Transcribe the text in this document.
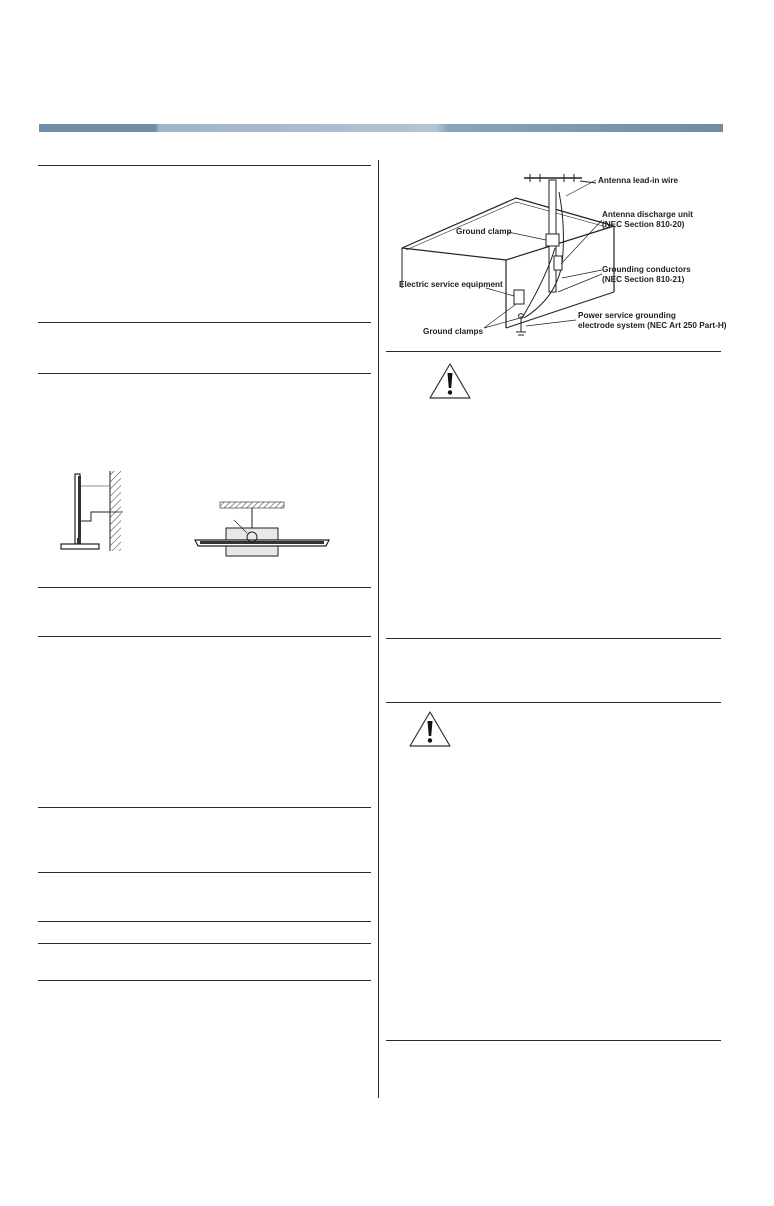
Antenna lead-in wire
Antenna discharge unit
(NEC Section 810-20)
Ground clamp
Grounding conductors
(NEC Section 810-21)
Electric service equipment
Ground clamps
Power service grounding
electrode system (NEC Art 250 Part-H)
